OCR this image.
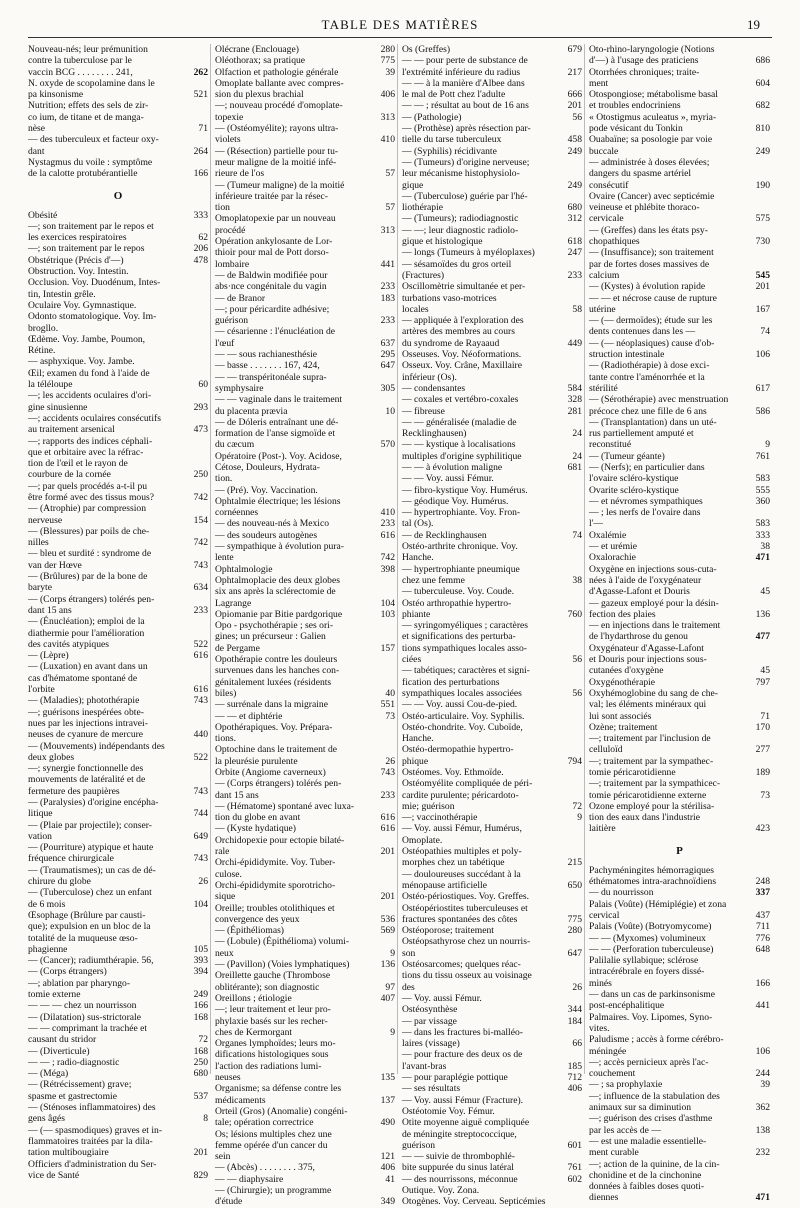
TABLE DES MATIÈRES	19
Nouveau-nés; leur prémunition
contre la tuberculose par le
vaccin BCG . . . . . . . . 241,	262
N. oxyde de scopolamine dans le
pa kinsonisme	521
Nutrition; effets des sels de zir-
co ium, de titane et de manga-
nèse	71
— des tuberculeux et facteur oxy-
dant	264
Nystagmus du voile : symptôme
de la calotte protubérantielle	166
O
Obésité	333
—; son traitement par le repos et
les exercices respiratoires	62
—; son traitement par le repos	206
Obstétrique (Précis d'—)	478
Obstruction. Voy. Intestin.
Occlusion. Voy. Duodénum, Intes-
tin, Intestin grêle.
Oculaire Voy. Gymnastique.
Odonto stomatologique. Voy. Im-
brogllo.
Œdème. Voy. Jambe, Poumon,
Rétine.
— asphyxique. Voy. Jambe.
Œil; examen du fond à l'aide de
la téléloupe	60
—; les accidents oculaires d'ori-
gine sinusienne	293
—; accidents oculaires consécutifs
au traitement arsenical	473
—; rapports des indices céphali-
que et orbitaire avec la réfrac-
tion de l'œil et le rayon de
courbure de la cornée	250
—; par quels procédés a-t-il pu
être formé avec des tissus mous?	742
— (Atrophie) par compression
nerveuse	154
— (Blessures) par poils de che-
nilles	742
— bleu et surdité : syndrome de
van der Hœve	743
— (Brûlures) par de la bone de
baryte	634
— (Corps étrangers) tolérés pen-
dant 15 ans	233
— (Énucléation); emploi de la
diathermie pour l'amélioration
des cavités atypiques	522
— (Lèpre)	616
— (Luxation) en avant dans un
cas d'hématome spontané de
l'orbite	616
— (Maladies); photothérapie	743
—; guérisons inespérées obte-
nues par les injections intravei-
neuses de cyanure de mercure	440
— (Mouvements) indépendants des
deux globes	522
—; synergie fonctionnelle des
mouvements de latéralité et de
fermeture des paupières	743
— (Paralysies) d'origine encépha-
litique	744
— (Plaie par projectile); conser-
vation	649
— (Pourriture) atypique et haute
fréquence chirurgicale	743
— (Traumatismes); un cas de dé-
chirure du globe	26
— (Tuberculose) chez un enfant
de 6 mois	104
Œsophage (Brûlure par causti-
que); expulsion en un bloc de la
totalité de la muqueuse œso-
phagienne	105
— (Cancer); radiumthérapie. 56,	393
— (Corps étrangers)	394
—; ablation par pharyngo-
tomie externe	249
— — — chez un nourrisson	166
— (Dilatation) sus-strictorale	168
— — comprimant la trachée et
causant du stridor	72
— (Diverticule)	168
— — ; radio-diagnostic	250
— (Méga)	680
— (Rétrécissement) grave;
spasme et gastrectomie	537
— (Sténoses inflammatoires) des
gens âgés	8
— (— spasmodiques) graves et in-
flammatoires traitées par la dila-
tation multibougiaire	201
Officiers d'administration du Ser-
vice de Santé	829
Olécrane (Enclouage)	280
Oléothorax; sa pratique	775
Olfaction et pathologie générale	39
Omoplate ballante avec compres-
sion du plexus brachial	406
—; nouveau procédé d'omoplate-
topexie	313
— (Ostéomyélite); rayons ultra-
violets	410
— (Résection) partielle pour tu-
meur maligne de la moitié infé-
rieure de l'os	57
— (Tumeur maligne) de la moitié
inférieure traitée par la résec-
tion	57
Omoplatopexie par un nouveau
procédé	313
Opération ankylosante de Lor-
thioir pour mal de Pott dorso-
lombaire	441
— de Baldwin modifiée pour
abs·nce congénitale du vagin	233
— de Branor	183
—; pour péricardite adhésive;
guérison	233
— césarienne : l'énucléation de
l'œuf	637
— — sous rachianesthésie	295
— basse . . . . . . . 167, 424,	647
— — transpéritonéale supra-
symphysaire	305
— — vaginale dans le traitement
du placenta prævia	10
— de Dóleris entraînant une dé-
formation de l'anse sigmoïde et
du cæcum	570
Opératoire (Post-). Voy. Acidose,
Cétose, Douleurs, Hydrata-
tion.
— (Pré). Voy. Vaccination.
Ophtalmie électrique; les lésions
cornéennes	410
— des nouveau-nés à Mexico	233
— des soudeurs autogènes	616
— sympathique à évolution pura-
lente	742
Ophtalmologie	398
Ophtalmoplacie des deux globes
six ans après la sclérectomie de
Lagrange	104
Opiomanie par Bitie pardgorique	103
Opo - psychothérapie ; ses ori-
gines; un précurseur : Galien
de Pergame	157
Opothérapie contre les douleurs
survenues dans les hanches con-
génitalement luxées (résidents
biles)	40
— surrénale dans la migraine	551
— — et diphtérie	73
Opothérapiques. Voy. Prépara-
tions.
Optochine dans le traitement de
la pleurésie purulente	26
Orbite (Angiome caverneux)	743
— (Corps étrangers) tolérés pen-
dant 15 ans	233
— (Hématome) spontané avec luxa-
tion du globe en avant	616
— (Kyste hydatique)	616
Orchidopexie pour ectopie bilaté-
rale	201
Orchi-épididymite. Voy. Tuber-
culose.
Orchi-épididymite sporotricho-
sique	201
Oreille; troubles otolithiques et
convergence des yeux	536
— (Épithéliomas)	569
— (Lobule) (Épithélioma) volumi-
neux	9
— (Pavillon) (Voies lymphatiques)	136
Oreillette gauche (Thrombose
oblitérante); son diagnostic	97
Oreillons ; étiologie	407
—; leur traitement et leur pro-
phylaxie basés sur les recher-
ches de Kermorgant	9
Organes lymphoïdes; leurs mo-
difications histologiques sous
l'action des radiations lumi-
neuses	135
Organisme; sa défense contre les
médicaments	137
Orteil (Gros) (Anomalie) congéni-
tale; opération correctrice	490
Os; lésions multiples chez une
femme opérée d'un cancer du
sein	121
— (Abcès) . . . . . . . . 375,	406
— — diaphysaire	41
— (Chirurgie); un programme
d'étude	349
Os (Greffes)	679
— — pour perte de substance de
l'extrémité inférieure du radius	217
— — à la manière d'Albee dans
le mal de Pott chez l'adulte	666
— — ; résultat au bout de 16 ans	201
— (Pathologie)	56
— (Prothèse) après résection par-
tielle du tarse tuberculeux	458
— (Syphilis) récidivante	249
— (Tumeurs) d'origine nerveuse;
leur mécanisme histophysiolo-
gique	249
— (Tuberculose) guérie par l'hé-
liothérapie	680
— (Tumeurs); radiodiagnostic	312
— —; leur diagnostic radiolo-
gique et histologique	618
— longs (Tumeurs à myéloplaxes)	247
— sésamoïdes du gros orteil
(Fractures)	233
Oscillomètrie simultanée et per-
turbations vaso-motrices
locales	58
— appliquée à l'exploration des
artères des membres au cours
du syndrome de Rayaaud	449
Osseuses. Voy. Néoformations.
Osseux. Voy. Crâne, Maxillaire
inférieur (Os).
— condensantes	584
— coxales et vertébro-coxales	328
— fibreuse	281
— — généralisée (maladie de
Recklinghausen)	24
— — kystique à localisations
multiples d'origine syphilitique	24
— — à évolution maligne	681
— — Voy. aussi Fémur.
— fibro-kystique Voy. Humérus.
— géodique Voy. Humérus.
— hypertrophiante. Voy. Fron-
tal (Os).
— de Recklinghausen	74
Ostéo-arthrite chronique. Voy.
Hanche.
— hypertrophiante pneumique
chez une femme	38
— tuberculeuse. Voy. Coude.
Ostéo arthropathie hypertro-
phiante	760
— syringomyéliques ; caractères
et significations des perturba-
tions sympathiques locales asso-
ciées	56
— tabétiques; caractères et signi-
fication des perturbations
sympathiques locales associées	56
— — Voy. aussi Cou-de-pied.
Ostéo-articulaire. Voy. Syphilis.
Ostéo-chondrite. Voy. Cuboïde,
Hanche.
Ostéo-dermopathie hypertro-
phique	794
Ostéomes. Voy. Ethmoïde.
Ostéomyélite compliquée de péri-
cardite purulente; péricardoto-
mie; guérison	72
—; vaccinothérapie	9
— Voy. aussi Fémur, Humérus,
Omoplate.
Ostéopathies multiples et poly-
morphes chez un tabétique	215
— douloureuses succédant à la
ménopause artificielle	650
Ostéo-périostiques. Voy. Greffes.
Ostéopériostites tuberculeuses et
fractures spontanées des côtes	775
Ostéoporose; traitement	280
Ostéopsathyrose chez un nourris-
son	647
Ostéosarcomes; quelques réac-
tions du tissu osseux au voisinage
des	26
— Voy. aussi Fémur.
Ostéosynthèse	344
— par vissage	184
— dans les fractures bi-malléo-
laires (vissage)	66
— pour fracture des deux os de
l'avant-bras	185
— pour paraplégie pottique	712
— ses résultats	406
— Voy. aussi Fémur (Fracture).
Ostéotomie Voy. Fémur.
Otite moyenne aiguë compliquée
de méningite streptococcique,
guérison	601
— — suivie de thrombophlé-
bite suppurée du sinus latéral	761
— des nourrissons, méconnue	602
Outique. Voy. Zona.
Otogènes. Voy. Cerveau. Septicémies
Oto-rhino-laryngologie (Notions
d'—) à l'usage des praticiens	686
Otorrhées chroniques; traite-
ment	604
Otospongiose; métabolisme basal
et troubles endocriniens	682
« Otostigmus aculeatus », myria-
pode vésicant du Tonkin	810
Ouabaïne; sa posologie par voie
buccale	249
— administrée à doses élevées;
dangers du spasme artériel
consécutif	190
Ovaire (Cancer) avec septicémie
veineuse et phlébite thoraco-
cervicale	575
— (Greffes) dans les états psy-
chopathiques	730
— (Insuffisance); son traitement
par de fortes doses massives de
calcium	545
— (Kystes) à évolution rapide	201
— — et nécrose cause de rupture
utérine	167
— (— dermoïdes); étude sur les
dents contenues dans les —	74
— (— néoplasiques) cause d'ob-
struction intestinale	106
— (Radiothérapie) à dose exci-
tante contre l'aménorrhée et la
stérilité	617
— (Sérothérapie) avec menstruation
précoce chez une fille de 6 ans	586
— (Transplantation) dans un uté-
rus partiellement amputé et
reconstitué	9
— (Tumeur géante)	761
— (Nerfs); en particulier dans
l'ovaire scléro-kystique	583
Ovarite scléro-kystique	555
— et névromes sympathiques	360
— ; les nerfs de l'ovaire dans
l'—	583
Oxalémie	333
— et urémie	38
Oxalorachie	471
Oxygène en injections sous-cuta-
nées à l'aide de l'oxygénateur
d'Agasse-Lafont et Douris	45
— gazeux employé pour la désin-
fection des plaies	136
— en injections dans le traitement
de l'hydarthrose du genou	477
Oxygénateur d'Agasse-Lafont
et Douris pour injections sous-
cutanées d'oxygène	45
Oxygénothérapie	797
Oxyhémoglobine du sang de che-
val; les éléments minéraux qui
lui sont associés	71
Ozène; traitement	170
—; traitement par l'inclusion de
celluloïd	277
—; traitement par la sympathec-
tomie péricarotidienne	189
—; traitement par la sympathicec-
tomie péricarotidienne externe	73
Ozone employé pour la stérilisa-
tion des eaux dans l'industrie
laitière	423
P
Pachyméningites hémorragiques
éthématomes intra-arachnoïdiens	248
— du nourrisson	337
Palais (Voûte) (Hémiplégie) et zona
cervical	437
Palais (Voûte) (Botryomycome)	711
— — (Myxomes) volumineux	776
— — (Perforation tuberculeuse)	648
Palilalie syllabique; sclérose
intracérébrale en foyers dissé-
minés	166
— dans un cas de parkinsonisme
post-encéphalitique	441
Palmaires. Voy. Lipomes, Syno-
vites.
Paludisme ; accès à forme cérébro-
méningée	106
—; accès pernicieux après l'ac-
couchement	244
— ; sa prophylaxie	39
—; influence de la stabulation des
animaux sur sa diminution	362
—; guérison des crises d'asthme
par les accès de —	138
— est une maladie essentielle-
ment curable	232
—; action de la quinine, de la cin-
chonidine et de la cinchonine
données à faibles doses quoti-
diennes	471
